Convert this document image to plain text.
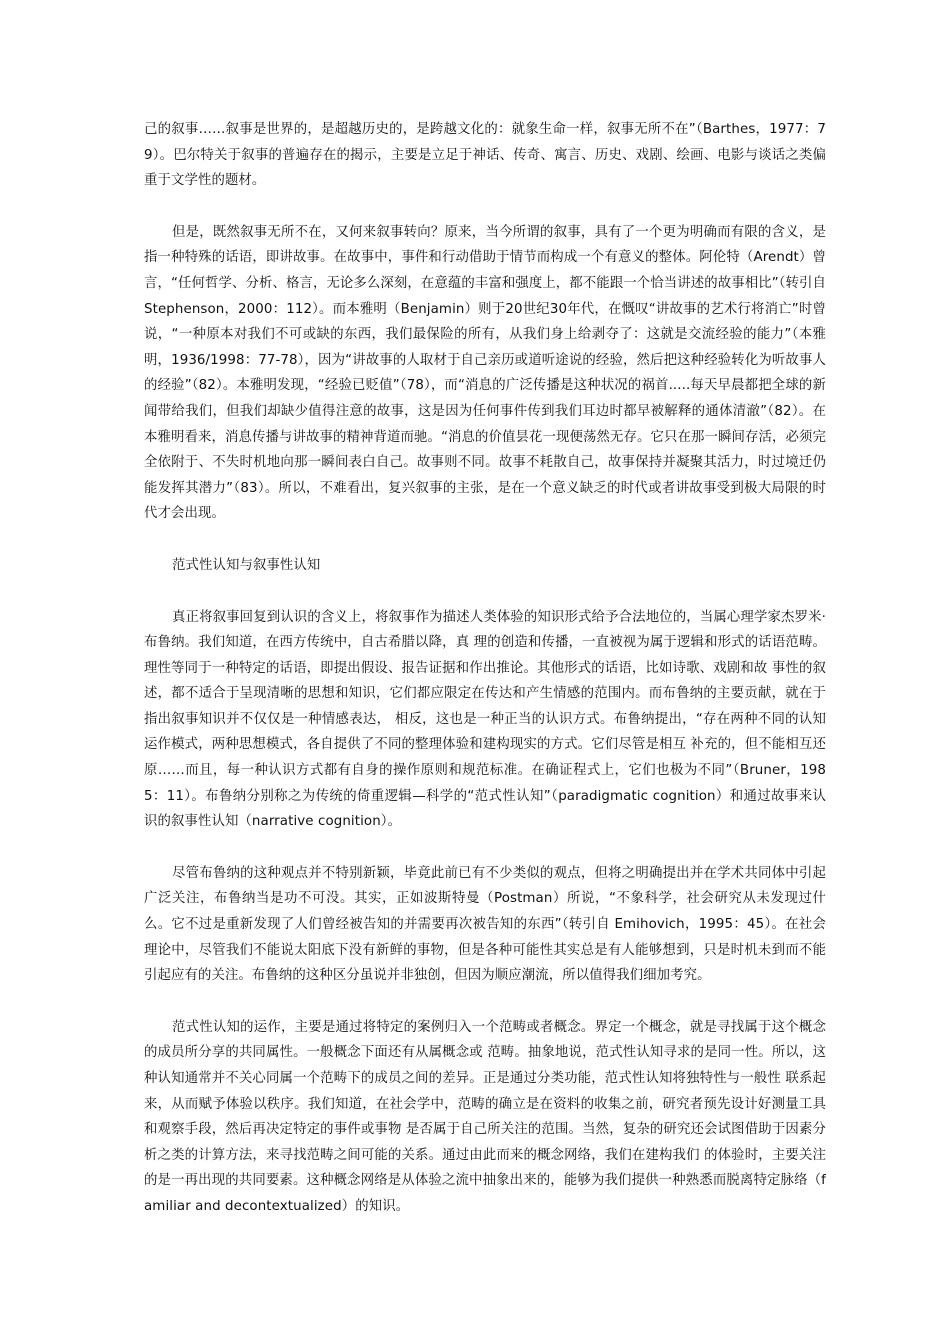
己的叙事……叙事是世界的，是超越历史的，是跨越文化的：就象生命一样，叙事无所不在”（Barthes，1977：79）。巴尔特关于叙事的普遍存在的揭示，主要是立足于神话、传奇、寓言、历史、戏剧、绘画、电影与谈话之类偏重于文学性的题材。

但是，既然叙事无所不在，又何来叙事转向？原来，当今所谓的叙事，具有了一个更为明确而有限的含义，是指一种特殊的话语，即讲故事。在故事中，事件和行动借助于情节而构成一个有意义的整体。阿伦特（Arendt）曾言，“任何哲学、分析、格言，无论多么深刻，在意蕴的丰富和强度上，都不能跟一个恰当讲述的故事相比”（转引自 Stephenson，2000：112）。而本雅明（Benjamin）则于20世纪30年代，在慨叹“讲故事的艺术行将消亡”时曾说，“一种原本对我们不可或缺的东西，我们最保险的所有，从我们身上给剥夺了：这就是交流经验的能力”（本雅明，1936/1998：77-78），因为“讲故事的人取材于自己亲历或道听途说的经验，然后把这种经验转化为听故事人的经验”（82）。本雅明发现，“经验已贬值”（78），而“消息的广泛传播是这种状况的祸首.....每天早晨都把全球的新闻带给我们，但我们却缺少值得注意的故事，这是因为任何事件传到我们耳边时都早被解释的通体清澈”（82）。在本雅明看来，消息传播与讲故事的精神背道而驰。“消息的价值昙花一现便荡然无存。它只在那一瞬间存活，必须完全依附于、不失时机地向那一瞬间表白自己。故事则不同。故事不耗散自己，故事保持并凝聚其活力，时过境迁仍能发挥其潜力”（83）。所以，不难看出，复兴叙事的主张，是在一个意义缺乏的时代或者讲故事受到极大局限的时代才会出现。

范式性认知与叙事性认知

真正将叙事回复到认识的含义上，将叙事作为描述人类体验的知识形式给予合法地位的，当属心理学家杰罗米·布鲁纳。我们知道，在西方传统中，自古希腊以降，真 理的创造和传播，一直被视为属于逻辑和形式的话语范畴。理性等同于一种特定的话语，即提出假设、报告证据和作出推论。其他形式的话语，比如诗歌、戏剧和故 事性的叙述，都不适合于呈现清晰的思想和知识，它们都应限定在传达和产生情感的范围内。而布鲁纳的主要贡献，就在于指出叙事知识并不仅仅是一种情感表达， 相反，这也是一种正当的认识方式。布鲁纳提出，“存在两种不同的认知运作模式，两种思想模式，各自提供了不同的整理体验和建构现实的方式。它们尽管是相互 补充的，但不能相互还原……而且，每一种认识方式都有自身的操作原则和规范标准。在确证程式上，它们也极为不同”（Bruner，1985：11）。布鲁纳分别称之为传统的倚重逻辑—科学的“范式性认知”（paradigmatic cognition）和通过故事来认识的叙事性认知（narrative cognition）。

尽管布鲁纳的这种观点并不特别新颖，毕竟此前已有不少类似的观点，但将之明确提出并在学术共同体中引起广泛关注，布鲁纳当是功不可没。其实，正如波斯特曼（Postman）所说，“不象科学，社会研究从未发现过什么。它不过是重新发现了人们曾经被告知的并需要再次被告知的东西”（转引自 Emihovich，1995：45）。在社会理论中，尽管我们不能说太阳底下没有新鲜的事物，但是各种可能性其实总是有人能够想到，只是时机未到而不能引起应有的关注。布鲁纳的这种区分虽说并非独创，但因为顺应潮流，所以值得我们细加考究。

范式性认知的运作，主要是通过将特定的案例归入一个范畴或者概念。界定一个概念，就是寻找属于这个概念的成员所分享的共同属性。一般概念下面还有从属概念或 范畴。抽象地说，范式性认知寻求的是同一性。所以，这种认知通常并不关心同属一个范畴下的成员之间的差异。正是通过分类功能，范式性认知将独特性与一般性 联系起来，从而赋予体验以秩序。我们知道，在社会学中，范畴的确立是在资料的收集之前，研究者预先设计好测量工具和观察手段，然后再决定特定的事件或事物 是否属于自己所关注的范围。当然，复杂的研究还会试图借助于因素分析之类的计算方法，来寻找范畴之间可能的关系。通过由此而来的概念网络，我们在建构我们 的体验时，主要关注的是一再出现的共同要素。这种概念网络是从体验之流中抽象出来的，能够为我们提供一种熟悉而脱离特定脉络（familiar and decontextualized）的知识。
